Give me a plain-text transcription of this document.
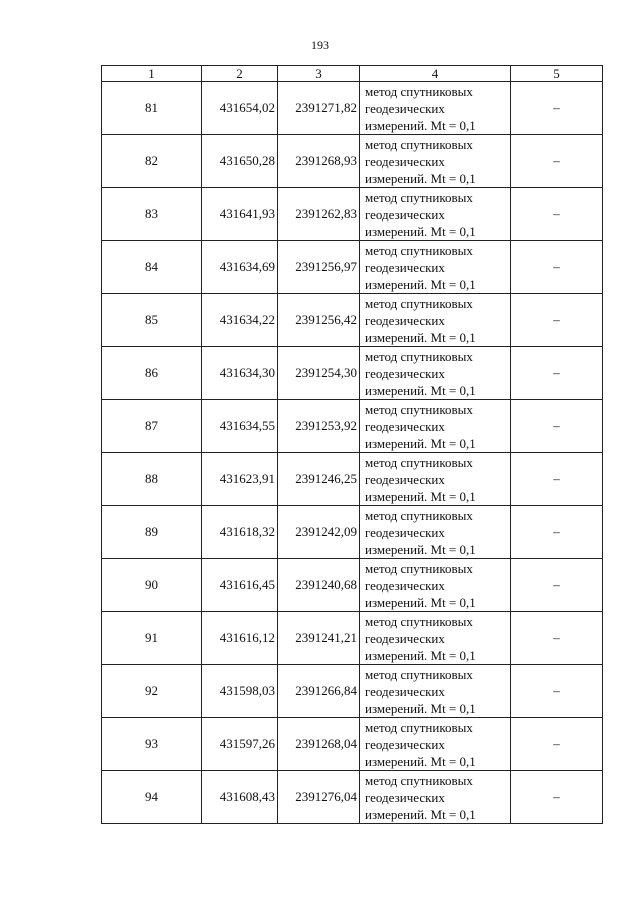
193
1	2	3	4	5
81	431654,02	2391271,82	метод спутниковых
геодезических
измерений. Mt = 0,1	–
82	431650,28	2391268,93	метод спутниковых
геодезических
измерений. Mt = 0,1	–
83	431641,93	2391262,83	метод спутниковых
геодезических
измерений. Mt = 0,1	–
84	431634,69	2391256,97	метод спутниковых
геодезических
измерений. Mt = 0,1	–
85	431634,22	2391256,42	метод спутниковых
геодезических
измерений. Mt = 0,1	–
86	431634,30	2391254,30	метод спутниковых
геодезических
измерений. Mt = 0,1	–
87	431634,55	2391253,92	метод спутниковых
геодезических
измерений. Mt = 0,1	–
88	431623,91	2391246,25	метод спутниковых
геодезических
измерений. Mt = 0,1	–
89	431618,32	2391242,09	метод спутниковых
геодезических
измерений. Mt = 0,1	–
90	431616,45	2391240,68	метод спутниковых
геодезических
измерений. Mt = 0,1	–
91	431616,12	2391241,21	метод спутниковых
геодезических
измерений. Mt = 0,1	–
92	431598,03	2391266,84	метод спутниковых
геодезических
измерений. Mt = 0,1	–
93	431597,26	2391268,04	метод спутниковых
геодезических
измерений. Mt = 0,1	–
94	431608,43	2391276,04	метод спутниковых
геодезических
измерений. Mt = 0,1	–
